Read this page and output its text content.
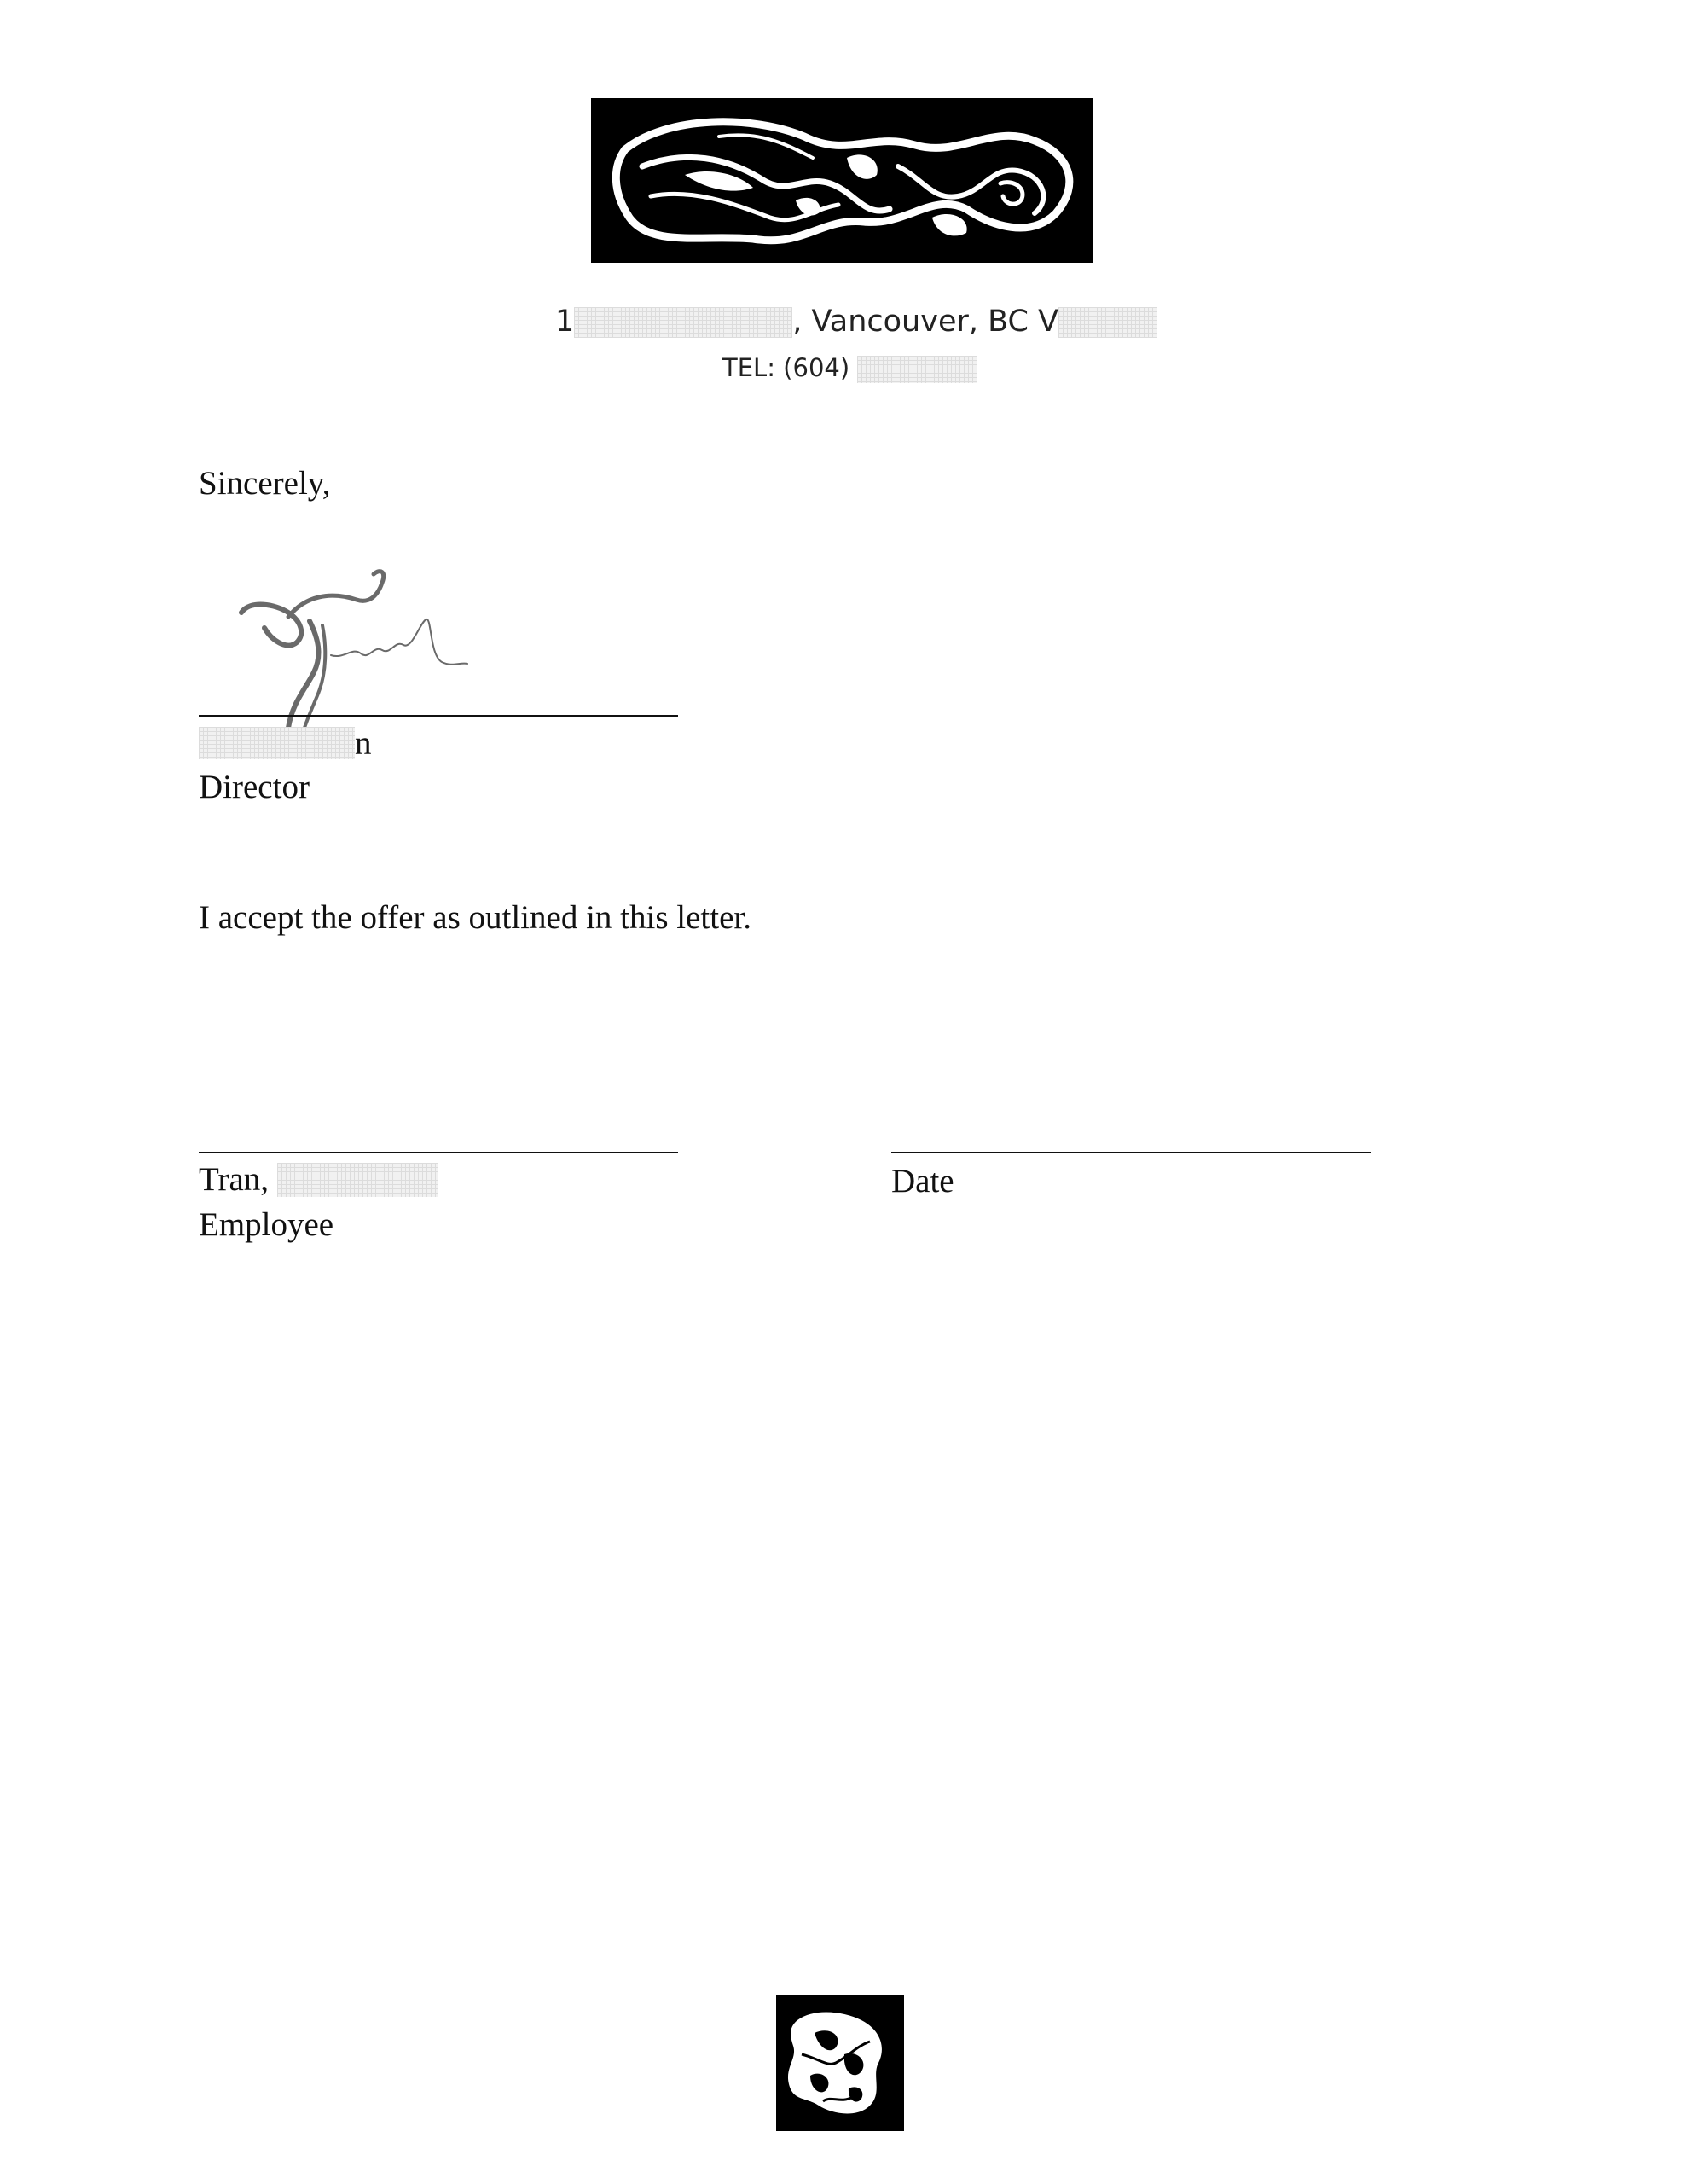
1	, Vancouver, BC V
TEL: (604)
Sincerely,
n
Director
I accept the offer as outlined in this letter.
Tran,	Date
Employee
